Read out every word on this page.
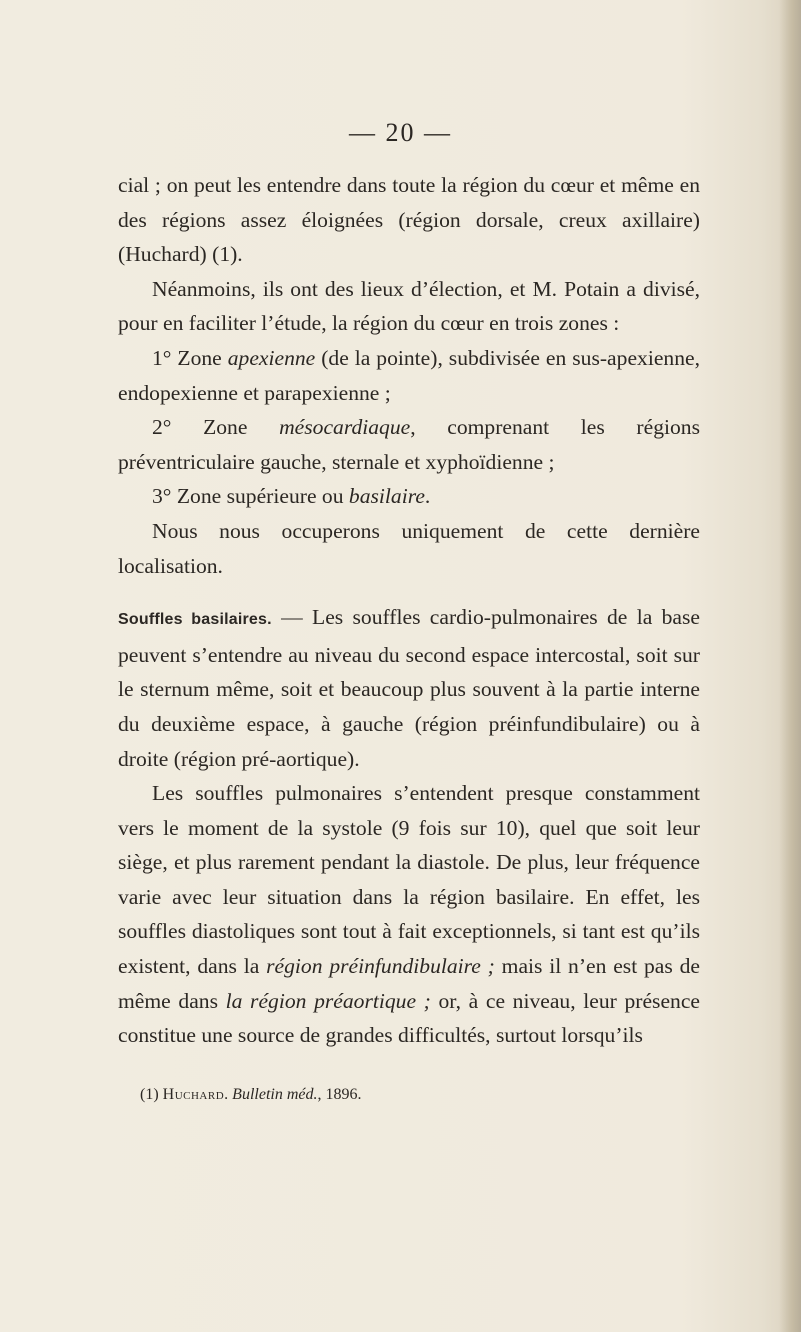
— 20 —

cial ; on peut les entendre dans toute la région du cœur et même en des régions assez éloignées (région dorsale, creux axillaire) (Huchard) (1).

Néanmoins, ils ont des lieux d’élection, et M. Potain a divisé, pour en faciliter l’étude, la région du cœur en trois zones :

1° Zone apexienne (de la pointe), subdivisée en sus-apexienne, endopexienne et parapexienne ;

2° Zone mésocardiaque, comprenant les régions préventriculaire gauche, sternale et xyphoïdienne ;

3° Zone supérieure ou basilaire.

Nous nous occuperons uniquement de cette dernière localisation.

Souffles basilaires. — Les souffles cardio-pulmonaires de la base peuvent s’entendre au niveau du second espace intercostal, soit sur le sternum même, soit et beaucoup plus souvent à la partie interne du deuxième espace, à gauche (région préinfundibulaire) ou à droite (région pré-aortique).

Les souffles pulmonaires s’entendent presque constamment vers le moment de la systole (9 fois sur 10), quel que soit leur siège, et plus rarement pendant la diastole. De plus, leur fréquence varie avec leur situation dans la région basilaire. En effet, les souffles diastoliques sont tout à fait exceptionnels, si tant est qu’ils existent, dans la région préinfundibulaire ; mais il n’en est pas de même dans la région préaortique ; or, à ce niveau, leur présence constitue une source de grandes difficultés, surtout lorsqu’ils

(1) Huchard. Bulletin méd., 1896.
